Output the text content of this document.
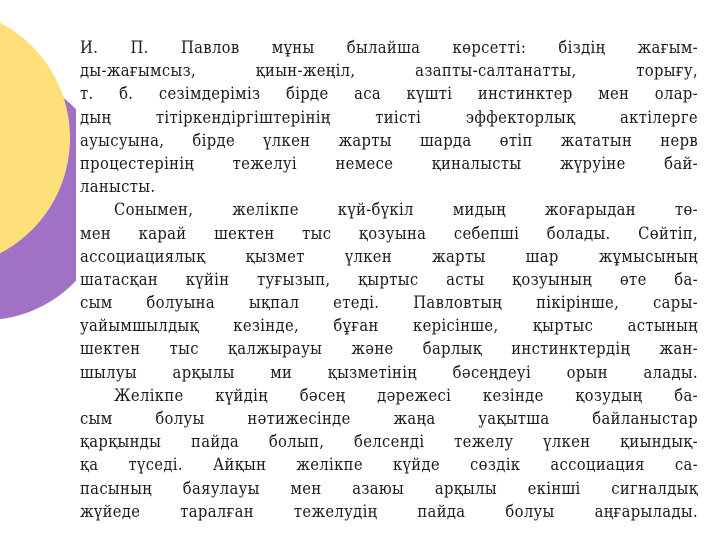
И. П. Павлов мұны былайша көрсетті: біздің жағым-
ды-жағымсыз, қиын-жеңіл, азапты-салтанатты, торығу,
т. б. сезімдеріміз бірде аса күшті инстинктер мен олар-
дың тітіркендіргіштерінің тиісті эффекторлық актілерге
ауысуына, бірде үлкен жарты шарда өтіп жататын нерв
процестерінің тежелуі немесе қиналысты жүруіне бай-
ланысты.
Сонымен, желікпе күй-бүкіл мидың жоғарыдан тө-
мен карай шектен тыс қозуына себепші болады. Сөйтіп,
ассоциациялық қызмет үлкен жарты шар жұмысының
шатасқан күйін туғызып, қыртыс асты қозуының өте ба-
сым болуына ықпал етеді. Павловтың пікірінше, сары-
уайымшылдық кезінде, бұған керісінше, қыртыс астының
шектен тыс қалжырауы және барлық инстинктердің жан-
шылуы арқылы ми қызметінің бәсеңдеуі орын алады.
Желікпе күйдің бәсең дәрежесі кезінде қозудың ба-
сым болуы нәтижесінде жаңа уақытша байланыстар
қарқынды пайда болып, белсенді тежелу үлкен қиындық-
қа түседі. Айқын желікпе күйде сөздік ассоциация са-
пасының баяулауы мен азаюы арқылы екінші сигналдық
жүйеде таралған тежелудің пайда болуы аңғарылады.
